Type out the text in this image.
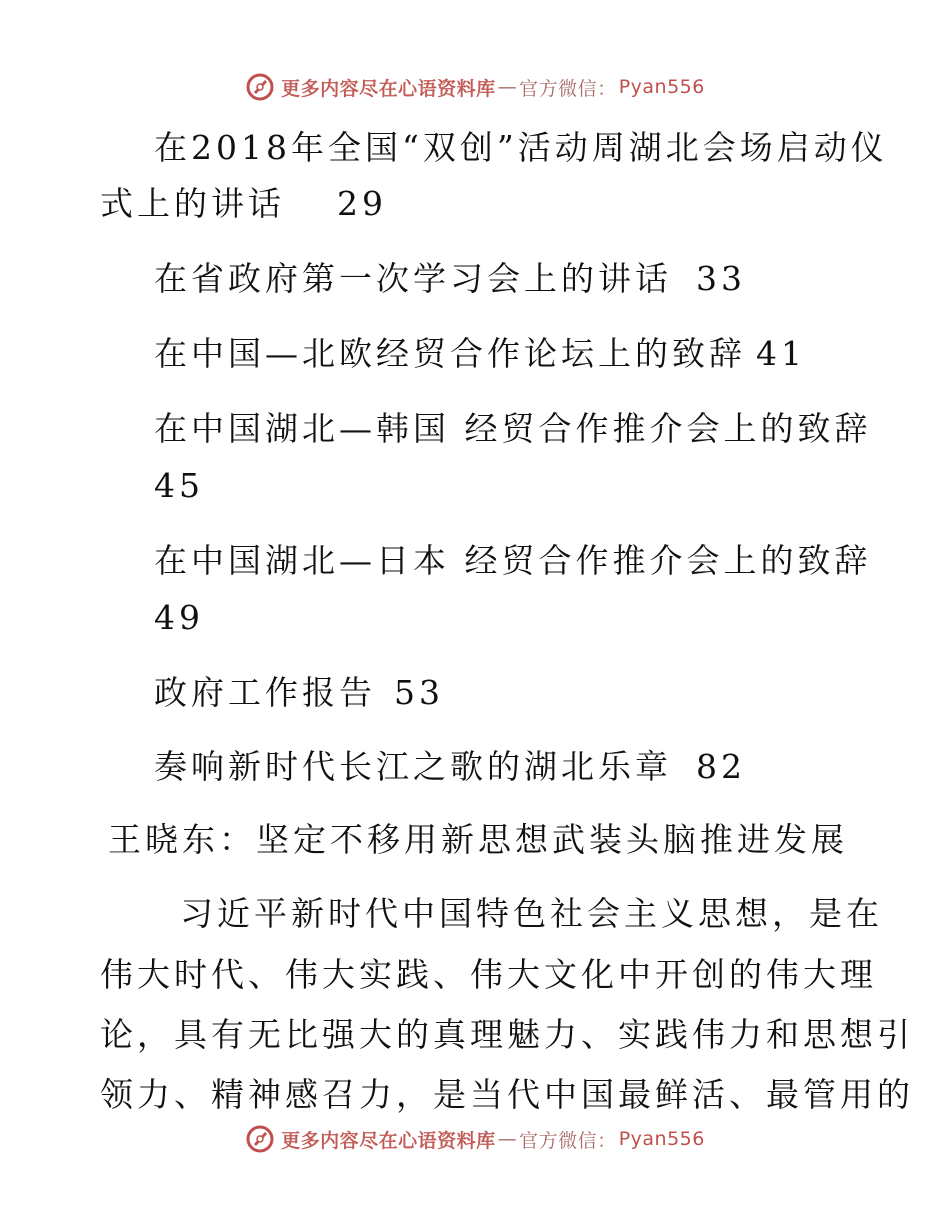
更多内容尽在心语资料库 — 官方微信： Pyan556
在2018年全国“双创”活动周湖北会场启动仪
式上的讲话 29
在省政府第一次学习会上的讲话 33
在中国—北欧经贸合作论坛上的致辞 41
在中国湖北—韩国 经贸合作推介会上的致辞
45
在中国湖北—日本 经贸合作推介会上的致辞
49
政府工作报告 53
奏响新时代长江之歌的湖北乐章 82
王晓东：坚定不移用新思想武装头脑推进发展
习近平新时代中国特色社会主义思想，是在
伟大时代、伟大实践、伟大文化中开创的伟大理
论，具有无比强大的真理魅力、实践伟力和思想引
领力、精神感召力，是当代中国最鲜活、最管用的
更多内容尽在心语资料库 — 官方微信： Pyan556
